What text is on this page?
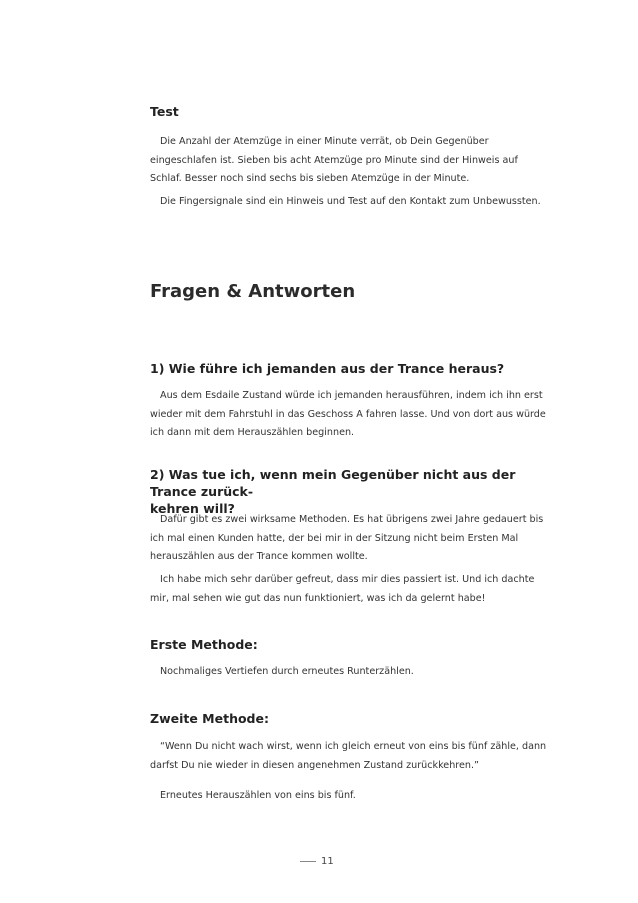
Test
Die Anzahl der Atemzüge in einer Minute verrät, ob Dein Gegenüber eingeschlafen ist. Sieben bis acht Atemzüge pro Minute sind der Hinweis auf Schlaf. Besser noch sind sechs bis sieben Atemzüge in der Minute.
Die Fingersignale sind ein Hinweis und Test auf den Kontakt zum Unbewussten.
Fragen & Antworten
1) Wie führe ich jemanden aus der Trance heraus?
Aus dem Esdaile Zustand würde ich jemanden herausführen, indem ich ihn erst wieder mit dem Fahrstuhl in das Geschoss A fahren lasse. Und von dort aus würde ich dann mit dem Herauszählen beginnen.
2) Was tue ich, wenn mein Gegenüber nicht aus der Trance zurück-
kehren will?
Dafür gibt es zwei wirksame Methoden. Es hat übrigens zwei Jahre gedauert bis ich mal einen Kunden hatte, der bei mir in der Sitzung nicht beim Ersten Mal herauszählen aus der Trance kommen wollte.
Ich habe mich sehr darüber gefreut, dass mir dies passiert ist. Und ich dachte mir, mal sehen wie gut das nun funktioniert, was ich da gelernt habe!
Erste Methode:
Nochmaliges Vertiefen durch erneutes Runterzählen.
Zweite Methode:
“Wenn Du nicht wach wirst, wenn ich gleich erneut von eins bis fünf zähle, dann darfst Du nie wieder in diesen angenehmen Zustand zurückkehren.”
Erneutes Herauszählen von eins bis fünf.
11
